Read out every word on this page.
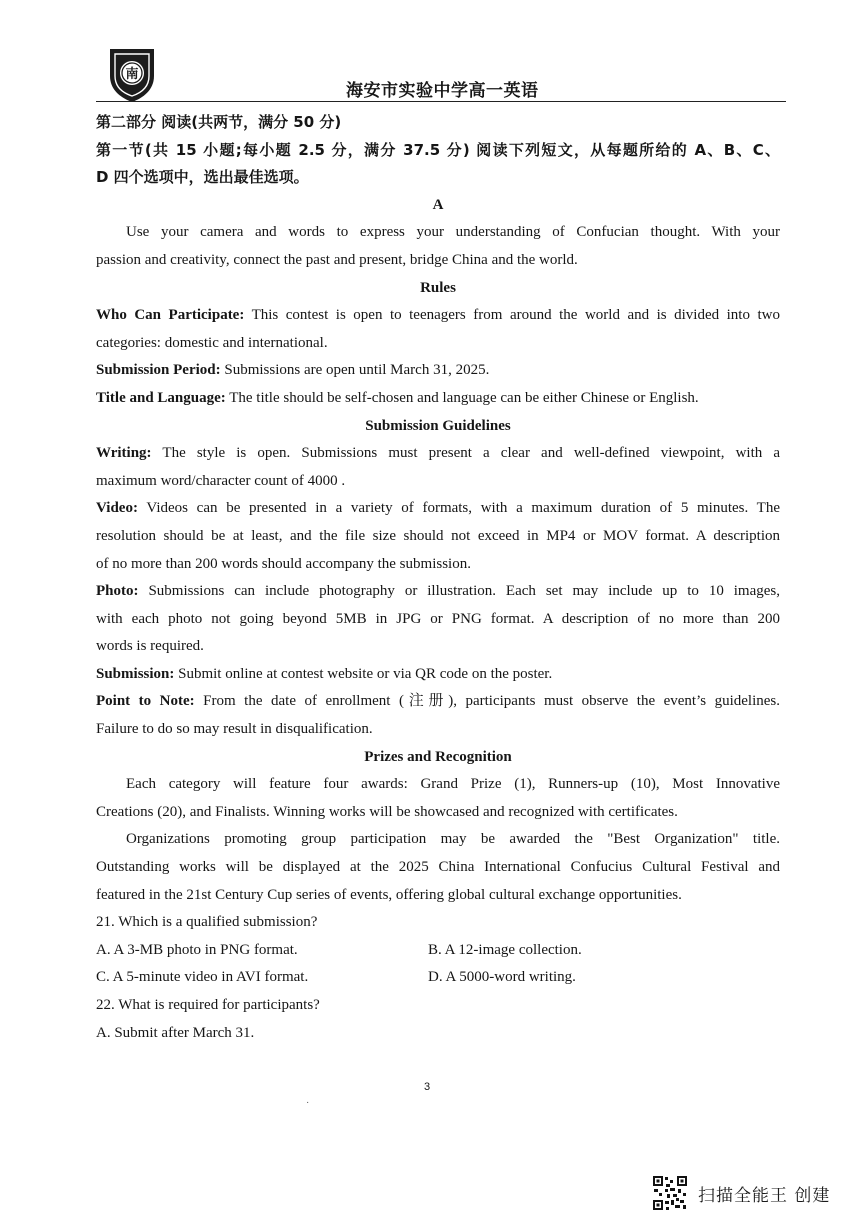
南
海安市实验中学高一英语
第二部分 阅读(共两节，满分 50 分)
第一节(共 15 小题;每小题 2.5 分，满分 37.5 分) 阅读下列短文，从每题所给的 A、B、C、
D 四个选项中，选出最佳选项。
A
Use your camera and words to express your understanding of Confucian thought. With your
passion and creativity, connect the past and present, bridge China and the world.
Rules
Who Can Participate: This contest is open to teenagers from around the world and is divided into two
categories: domestic and international.
Submission Period: Submissions are open until March 31, 2025.
Title and Language: The title should be self-chosen and language can be either Chinese or English.
Submission Guidelines
Writing: The style is open. Submissions must present a clear and well-defined viewpoint, with a
maximum word/character count of 4000 .
Video: Videos can be presented in a variety of formats, with a maximum duration of 5 minutes. The
resolution should be at least, and the file size should not exceed in MP4 or MOV format. A description
of no more than 200 words should accompany the submission.
Photo: Submissions can include photography or illustration. Each set may include up to 10 images,
with each photo not going beyond 5MB in JPG or PNG format. A description of no more than 200
words is required.
Submission: Submit online at contest website or via QR code on the poster.
Point to Note: From the date of enrollment (注册), participants must observe the event’s guidelines.
Failure to do so may result in disqualification.
Prizes and Recognition
Each category will feature four awards: Grand Prize (1), Runners-up (10), Most Innovative
Creations (20), and Finalists. Winning works will be showcased and recognized with certificates.
Organizations promoting group participation may be awarded the "Best Organization" title.
Outstanding works will be displayed at the 2025 China International Confucius Cultural Festival and
featured in the 21st Century Cup series of events, offering global cultural exchange opportunities.
21. Which is a qualified submission?
A. A 3-MB photo in PNG format.	B. A 12-image collection.
C. A 5-minute video in AVI format.	D. A 5000-word writing.
22. What is required for participants?
A. Submit after March 31.
3
·
扫描全能王 创建
